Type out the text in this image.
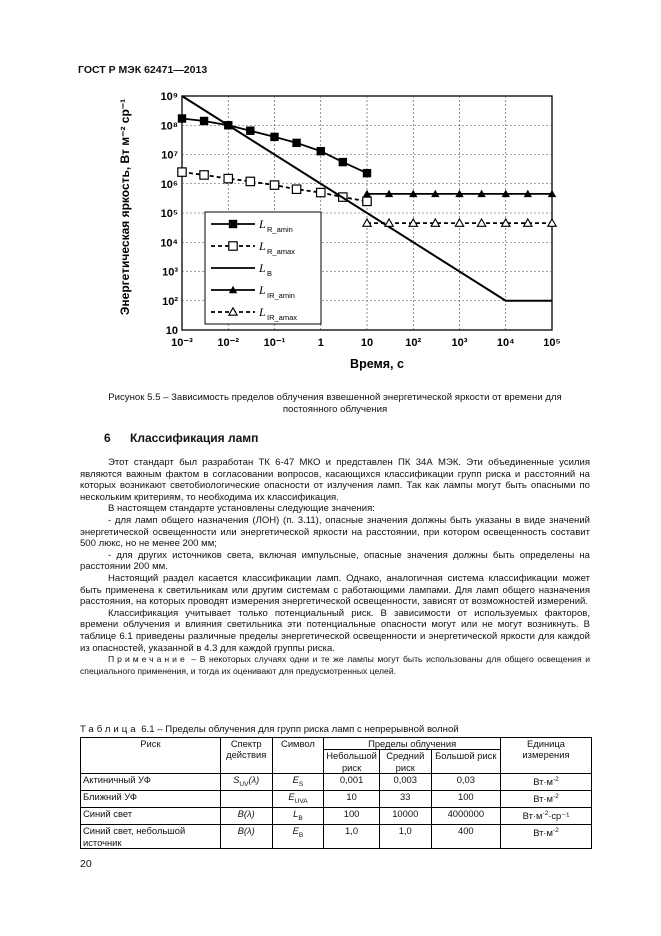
ГОСТ Р МЭК 62471—2013
10⁻³ 10⁻² 10⁻¹	1	10	10²	10³	10⁴	10⁵
10
10²
10³
10⁴
10⁵
10⁶
10⁷
10⁸
10⁹
Время, с
Энергетическая яркость, Вт м⁻² ср⁻¹	L R_amin
L R_amax
L B
L IR_amin
L IR_amax
Рисунок 5.5 – Зависимость пределов облучения взвешенной энергетической яркости от времени для постоянного облучения
6 Классификация ламп

Этот стандарт был разработан ТК 6-47 МКО и представлен ПК 34А МЭК. Эти объединенные усилия являются важным фактом в согласовании вопросов, касающихся классификации групп риска и расстояний на которых возникают светобиологические опасности от излучения ламп. Так как лампы могут быть опасными по нескольким критериям, то необходима их классификация.

В настоящем стандарте установлены следующие значения:

- для ламп общего назначения (ЛОН) (п. 3.11), опасные значения должны быть указаны в виде значений энергетической освещенности или энергетической яркости на расстоянии, при котором освещенность составит 500 люкс, но не менее 200 мм;

- для других источников света, включая импульсные, опасные значения должны быть определены на расстоянии 200 мм.

Настоящий раздел касается классификации ламп. Однако, аналогичная система классификации может быть применена к светильникам или другим системам с работающими лампами. Для ламп общего назначения расстояния, на которых проводят измерения энергетической освещенности, зависят от возможностей измерений.

Классификация учитывает только потенциальный риск. В зависимости от используемых факторов, времени облучения и влияния светильника эти потенциальные опасности могут или не могут возникнуть. В таблице 6.1 приведены различные пределы энергетической освещенности и энергетической яркости для каждой из опасностей, указанной в 4.3 для каждой группы риска.

Примечание – В некоторых случаях одни и те же лампы могут быть использованы для общего освещения и специального применения, и тогда их оценивают для предусмотренных целей.

Таблица 6.1 – Пределы облучения для групп риска ламп с непрерывной волной
Риск	Спектр действия	Символ	Пределы облучения			Единица измерения
			Небольшой риск	Средний риск	Большой риск	
Актиничный УФ	$S_{UV}(\lambda)$	$E_S$	0,001	0,003	0,03	$Вт\cdot м^{-2}$
Ближний УФ		$E_{UVA}$	10	33	100	$Вт\cdot м^{-2}$
Синий свет	B(λ)	$L_B$	100	10000	4000000	$Вт\cdot м^{-2}\cdot ср^{-1}$
Синий свет, небольшой источник	B(λ)	$E_B$	1,0	1,0	400	$Вт\cdot м^{-2}$
20
